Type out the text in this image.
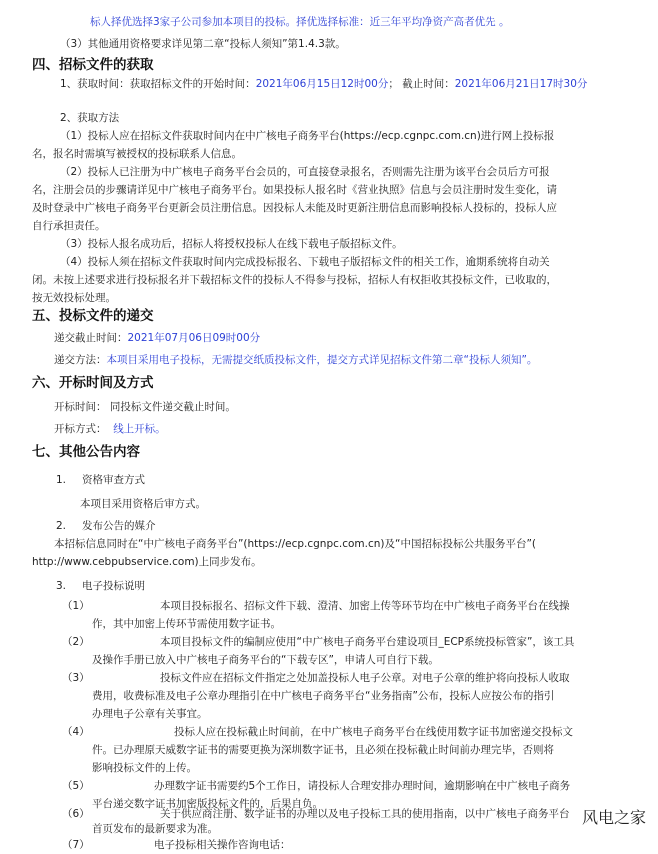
标人择优选择3家子公司参加本项目的投标。择优选择标准：近三年平均净资产高者优先 。

（3）其他通用资格要求详见第二章“投标人须知”第1.4.3款。

四、招标文件的获取

1、获取时间：获取招标文件的开始时间：2021年06月15日12时00分； 截止时间：2021年06月21日17时30分

2、获取方法

（1）投标人应在招标文件获取时间内在中广核电子商务平台(https://ecp.cgnpc.com.cn)进行网上投标报

名，报名时需填写被授权的投标联系人信息。

（2）投标人已注册为中广核电子商务平台会员的，可直接登录报名，否则需先注册为该平台会员后方可报

名，注册会员的步骤请详见中广核电子商务平台。如果投标人报名时《营业执照》信息与会员注册时发生变化，请

及时登录中广核电子商务平台更新会员注册信息。因投标人未能及时更新注册信息而影响投标人投标的，投标人应

自行承担责任。

（3）投标人报名成功后，招标人将授权投标人在线下载电子版招标文件。

（4）投标人须在招标文件获取时间内完成投标报名、下载电子版招标文件的相关工作，逾期系统将自动关

闭。未按上述要求进行投标报名并下载招标文件的投标人不得参与投标，招标人有权拒收其投标文件，已收取的，

按无效投标处理。

五、投标文件的递交

递交截止时间：2021年07月06日09时00分

递交方法：本项目采用电子投标，无需提交纸质投标文件，提交方式详见招标文件第二章“投标人须知”。

六、开标时间及方式

开标时间： 同投标文件递交截止时间。

开标方式： 线上开标。

七、其他公告内容

1. 资格审查方式

本项目采用资格后审方式。

2. 发布公告的媒介

本招标信息同时在“中广核电子商务平台”(https://ecp.cgnpc.com.cn)及“中国招标投标公共服务平台”(

http://www.cebpubservice.com)上同步发布。

3. 电子投标说明

（1）	本项目投标报名、招标文件下载、澄清、加密上传等环节均在中广核电子商务平台在线操

作，其中加密上传环节需使用数字证书。

（2）	本项目投标文件的编制应使用“中广核电子商务平台建设项目_ECP系统投标管家”，该工具

及操作手册已放入中广核电子商务平台的“下载专区”，申请人可自行下载。

（3）	投标文件应在招标文件指定之处加盖投标人电子公章。对电子公章的维护将向投标人收取

费用，收费标准及电子公章办理指引在中广核电子商务平台“业务指南”公布，投标人应按公布的指引

办理电子公章有关事宜。

（4）	投标人应在投标截止时间前，在中广核电子商务平台在线使用数字证书加密递交投标文

件。已办理原天威数字证书的需要更换为深圳数字证书，且必须在投标截止时间前办理完毕，否则将

影响投标文件的上传。

（5）	办理数字证书需要约5个工作日，请投标人合理安排办理时间，逾期影响在中广核电子商务

平台递交数字证书加密版投标文件的，后果自负。

（6）	关于供应商注册、数字证书的办理以及电子投标工具的使用指南，以中广核电子商务平台

首页发布的最新要求为准。

（7）	电子投标相关操作咨询电话：

风电之家
